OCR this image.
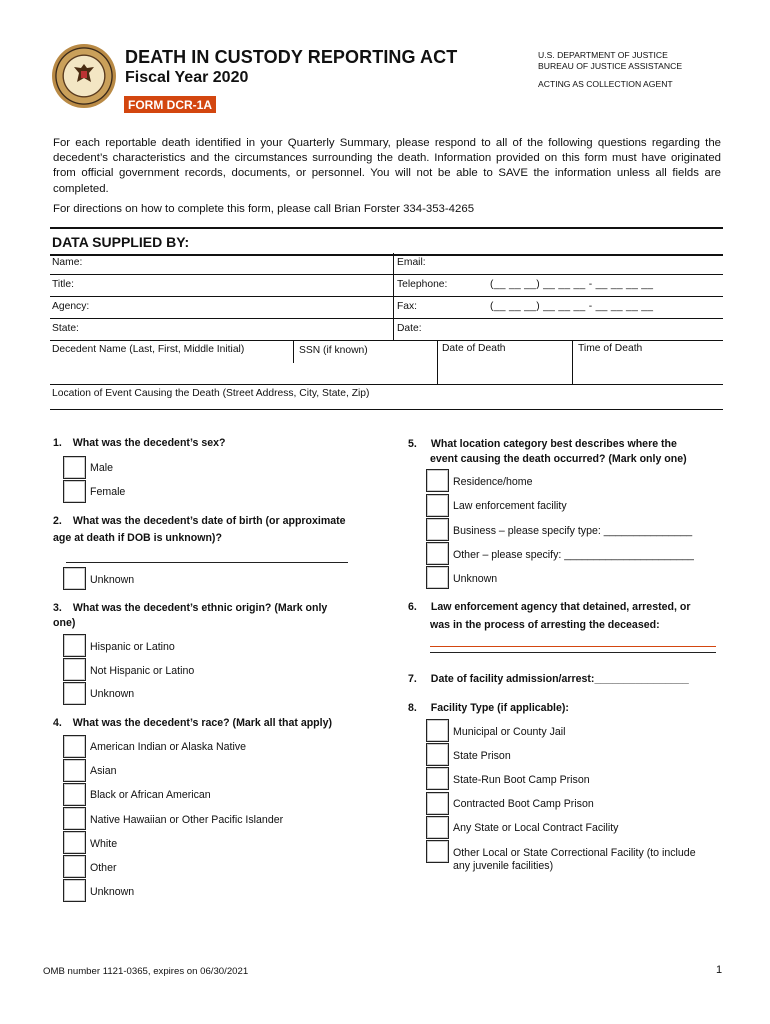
DEATH IN CUSTODY REPORTING ACT
Fiscal Year 2020
U.S. DEPARTMENT OF JUSTICE
BUREAU OF JUSTICE ASSISTANCE
ACTING AS COLLECTION AGENT
FORM DCR-1A
For each reportable death identified in your Quarterly Summary, please respond to all of the following questions regarding the decedent’s characteristics and the circumstances surrounding the death. Information provided on this form must have originated from official government records, documents, or personnel. You will not be able to SAVE the information unless all fields are completed.
For directions on how to complete this form, please call Brian Forster 334-353-4265
DATA SUPPLIED BY:
Name:	Email:
Title:	Telephone:	(__ __ __) __ __ __ - __ __ __ __
Agency:	Fax:	(__ __ __) __ __ __ - __ __ __ __
State:	Date:
Decedent Name (Last, First, Middle Initial)	SSN (if known)	Date of Death	Time of Death
Location of Event Causing the Death (Street Address, City, State, Zip)
1. What was the decedent’s sex?
Male
Female
2. What was the decedent’s date of birth (or approximate
age at death if DOB is unknown)?
Unknown
3. What was the decedent’s ethnic origin? (Mark only
one)
Hispanic or Latino
Not Hispanic or Latino
Unknown
4. What was the decedent’s race? (Mark all that apply)
American Indian or Alaska Native
Asian
Black or African American
Native Hawaiian or Other Pacific Islander
White
Other
Unknown
5. What location category best describes where the
event causing the death occurred? (Mark only one)
Residence/home
Law enforcement facility
Business – please specify type: _______________
Other – please specify: ______________________
Unknown
6. Law enforcement agency that detained, arrested, or
was in the process of arresting the deceased:
7. Date of facility admission/arrest:________________
8. Facility Type (if applicable):
Municipal or County Jail
State Prison
State-Run Boot Camp Prison
Contracted Boot Camp Prison
Any State or Local Contract Facility
Other Local or State Correctional Facility (to include
any juvenile facilities)
OMB number 1121-0365, expires on 06/30/2021	1
